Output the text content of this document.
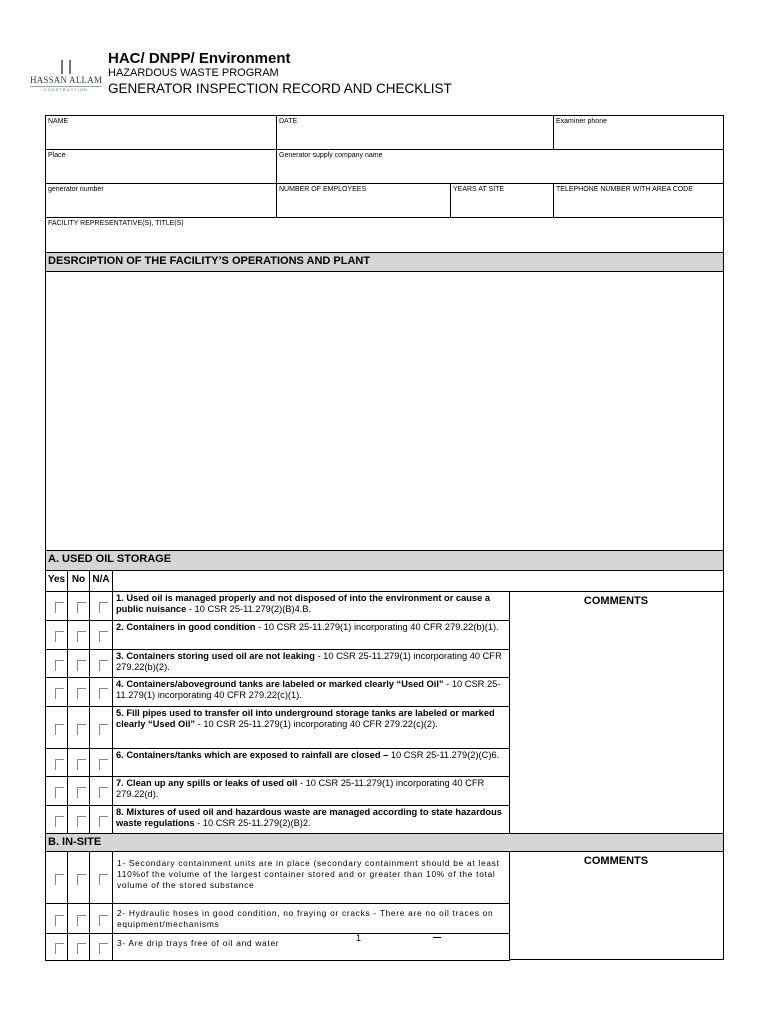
HASSAN ALLAM
CONSTRUCTION
HAC/ DNPP/ Environment
HAZARDOUS WASTE PROGRAM
GENERATOR INSPECTION RECORD AND CHECKLIST
NAME	DATE	Examiner phone
Place	Generator supply company name
generator number	NUMBER OF EMPLOYEES	YEARS AT SITE	TELEPHONE NUMBER WITH AREA CODE
FACILITY REPRESENTATIVE(S), TITLE(S)
DESRCIPTION OF THE FACILITY’S OPERATIONS AND PLANT
A. USED OIL STORAGE
Yes No N/A
1. Used oil is managed properly and not disposed of into the environment or cause a public nuisance - 10 CSR 25-11.279(2)(B)4.B.
2. Containers in good condition - 10 CSR 25-11.279(1) incorporating 40 CFR 279.22(b)(1).
3. Containers storing used oil are not leaking - 10 CSR 25-11.279(1) incorporating 40 CFR 279.22(b)(2).
4. Containers/aboveground tanks are labeled or marked clearly “Used Oil” - 10 CSR 25-11.279(1) incorporating 40 CFR 279.22(c)(1).
5. Fill pipes used to transfer oil into underground storage tanks are labeled or marked clearly “Used Oil” - 10 CSR 25-11.279(1) incorporating 40 CFR 279.22(c)(2).
6. Containers/tanks which are exposed to rainfall are closed – 10 CSR 25-11.279(2)(C)6.
7. Clean up any spills or leaks of used oil - 10 CSR 25-11.279(1) incorporating 40 CFR 279.22(d).
8. Mixtures of used oil and hazardous waste are managed according to state hazardous waste regulations - 10 CSR 25-11.279(2)(B)2.
COMMENTS
B. IN-SITE
1- Secondary containment units are in place (secondary containment should be at least 110%of the volume of the largest container stored and or greater than 10% of the total volume of the stored substance
2- Hydraulic hoses in good condition, no fraying or cracks - There are no oil traces on equipment/mechanisms
3- Are drip trays free of oil and water
COMMENTS
1
